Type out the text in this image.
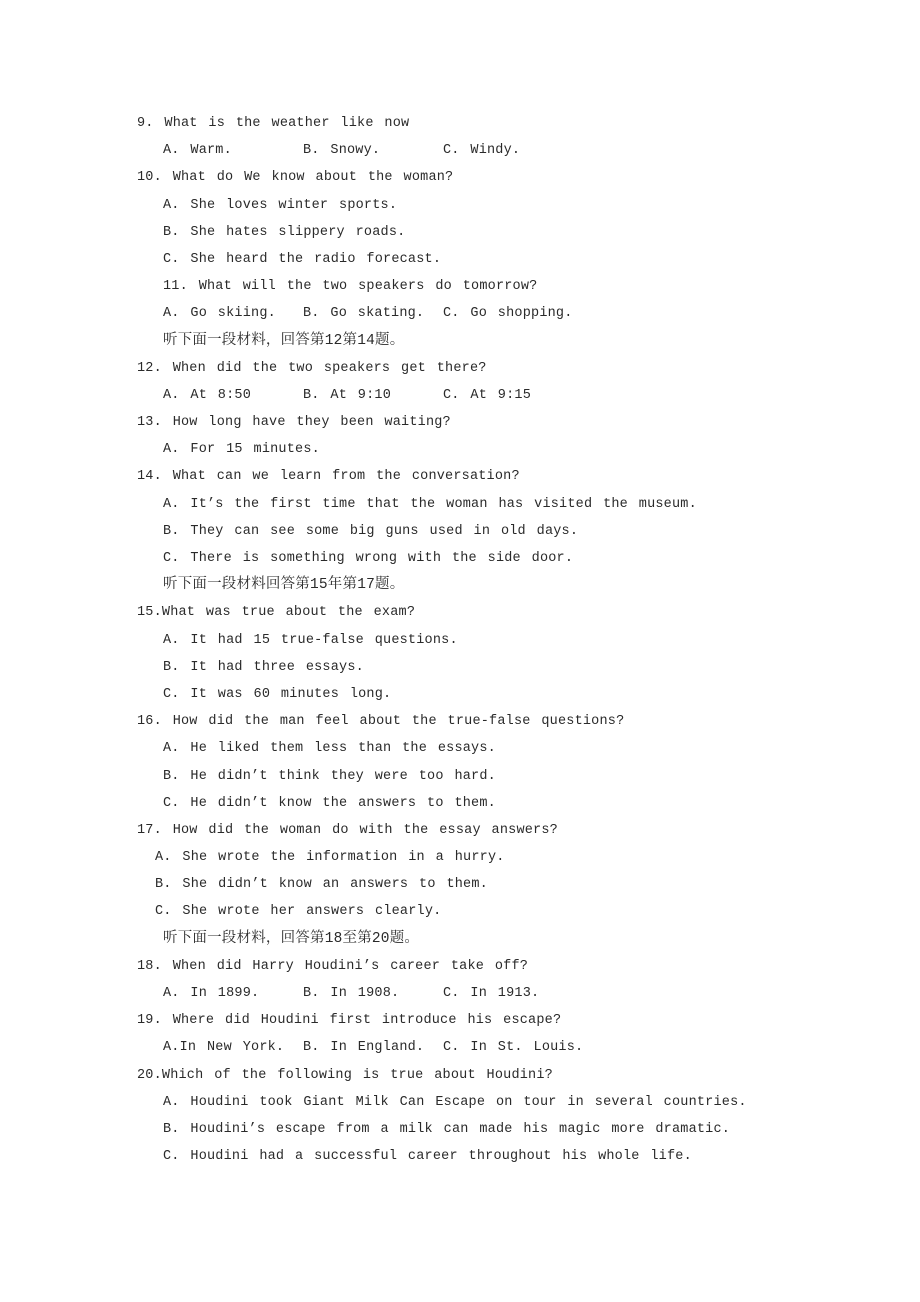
9. What is the weather like now
A. Warm.	B. Snowy.	C. Windy.
10. What do We know about the woman?
A. She loves winter sports.
B. She hates slippery roads.
C. She heard the radio forecast.
11. What will the two speakers do tomorrow?
A. Go skiing.	B. Go skating.	C. Go shopping.
听下面一段材料，回答第12第14题。
12. When did the two speakers get there?
A. At 8:50	B. At 9:10	C. At 9:15
13. How long have they been waiting?
A. For 15 minutes.
14. What can we learn from the conversation?
A. It’s the first time that the woman has visited the museum.
B. They can see some big guns used in old days.
C. There is something wrong with the side door.
听下面一段材料回答第15年第17题。
15.What was true about the exam?
A. It had 15 true-false questions.
B. It had three essays.
C. It was 60 minutes long.
16. How did the man feel about the true-false questions?
A. He liked them less than the essays.
B. He didn’t think they were too hard.
C. He didn’t know the answers to them.
17. How did the woman do with the essay answers?
A. She wrote the information in a hurry.
B. She didn’t know an answers to them.
C. She wrote her answers clearly.
听下面一段材料，回答第18至第20题。
18. When did Harry Houdini’s career take off?
A. In 1899.	B. In 1908.	C. In 1913.
19. Where did Houdini first introduce his escape?
A.In New York.	B. In England.	C. In St. Louis.
20.Which of the following is true about Houdini?
A. Houdini took Giant Milk Can Escape on tour in several countries.
B. Houdini’s escape from a milk can made his magic more dramatic.
C. Houdini had a successful career throughout his whole life.
